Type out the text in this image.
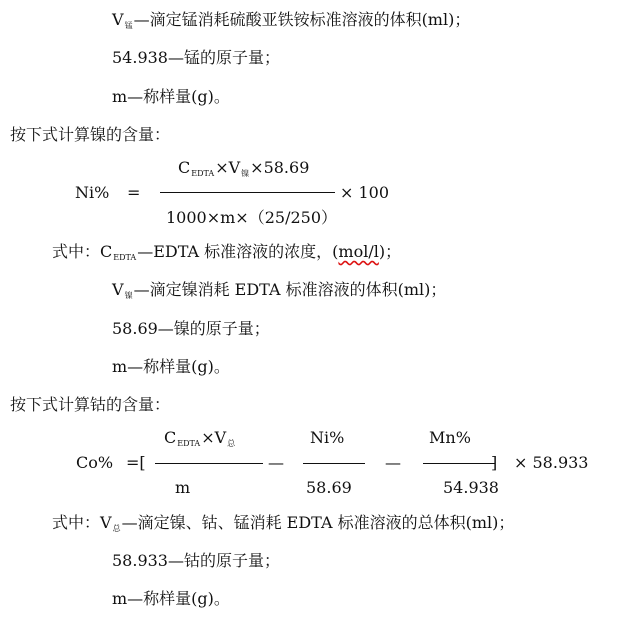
V锰—滴定锰消耗硫酸亚铁铵标准溶液的体积(ml)；
54.938—锰的原子量；
m—称样量(g)。
按下式计算镍的含量：
CEDTA×V镍×58.69
Ni% =	× 100
1000×m×（25/250）
式中：CEDTA—EDTA 标准溶液的浓度，(mol/l)；
V镍—滴定镍消耗 EDTA 标准溶液的体积(ml)；
58.69—镍的原子量；
m—称样量(g)。
按下式计算钴的含量：
CEDTA×V总	Ni%	Mn%
Co% =[	—	—	] × 58.933
m	58.69	54.938
式中：V总—滴定镍、钴、锰消耗 EDTA 标准溶液的总体积(ml)；
58.933—钴的原子量；
m—称样量(g)。
